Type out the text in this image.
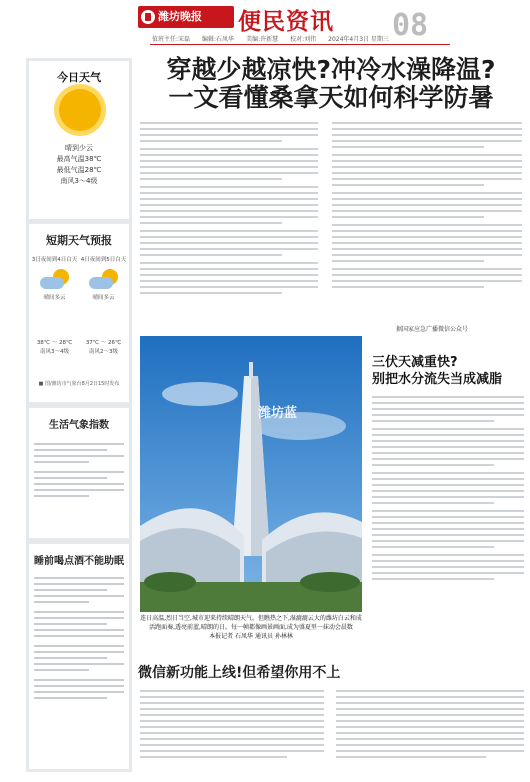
潍坊晚报	便民资讯 08
值班主任:宋磊 编辑:石凤华 美编:许新慧 校对:刘伟 2024年4月3日 星期三
今日天气
晴到少云
最高气温38℃
最低气温28℃
南风3～4级
短期天气预报
3日夜间到4日白天
晴间多云
38℃ ～ 28℃
南风3～4级
4日夜间到5日白天
晴间多云
37℃ ～ 26℃
南风2～3级
■ 图/潍坊市气象台8月2日15时发布
生活气象指数
睡前喝点酒不能助眠
穿越少越凉快?冲冷水澡降温?
一文看懂桑拿天如何科学防暑
据国家应急广播微信公众号
潍坊蓝
连日高温,烈日当空,城市迎来持续晴朗天气。但瞧热之下,湿漉漉云大的潍坊白云和成活跑面奏,透亮前蓝,晴朗的日。每一帧都像画景画面,成为盛夏里一抹动会晨数
本报记者 石凤华 通讯员 孙林林
三伏天减重快?
别把水分流失当成减脂
微信新功能上线!但希望你用不上
